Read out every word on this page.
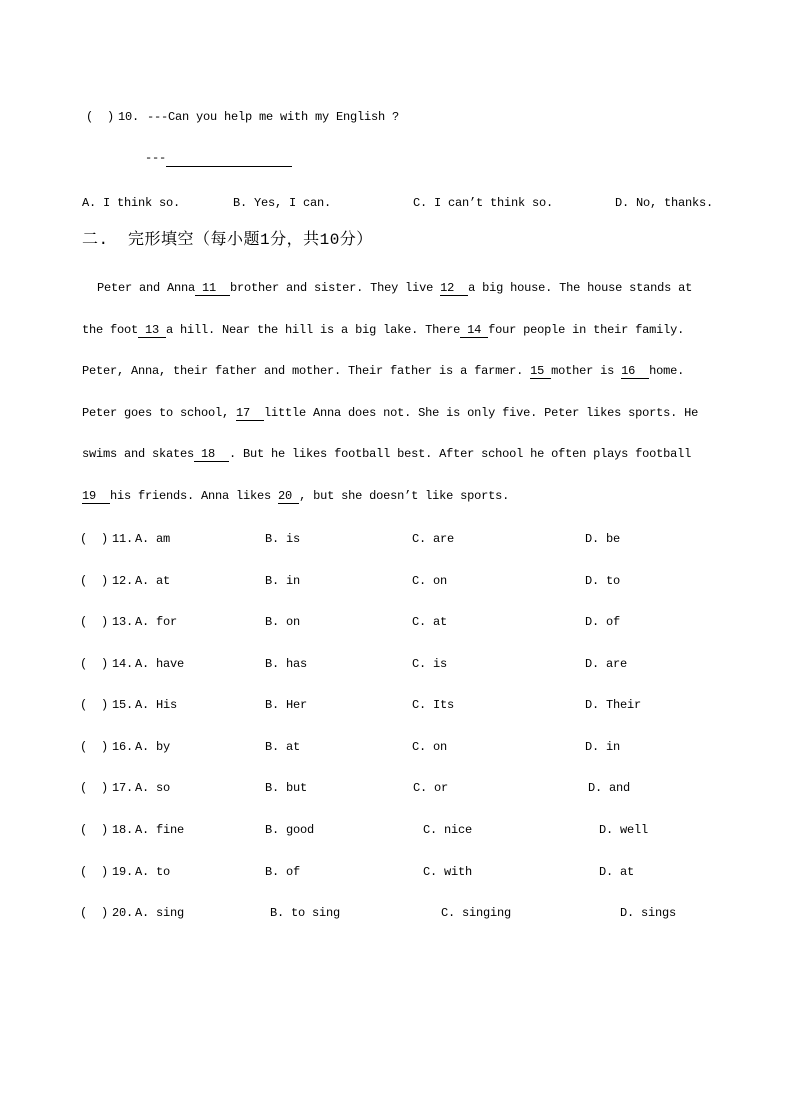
(  ) 10. ---Can you help me with my English ?
---
A. I think so.	B. Yes, I can.	C. I can’t think so.	D. No, thanks.
二. 完形填空（每小题1分，共10分）
Peter and Anna 11  brother and sister. They live 12  a big house. The house stands at
the foot 13 a hill. Near the hill is a big lake. There 14 four people in their family.
Peter, Anna, their father and mother. Their father is a farmer. 15 mother is 16  home.
Peter goes to school, 17  little Anna does not. She is only five. Peter likes sports. He
swims and skates 18  . But he likes football best. After school he often plays football
19  his friends. Anna likes 20 , but she doesn’t like sports.
(  ) 11. A. am	B. is	C. are	D. be
(  ) 12. A. at	B. in	C. on	D. to
(  ) 13. A. for	B. on	C. at	D. of
(  ) 14. A. have	B. has	C. is	D. are
(  ) 15. A. His	B. Her	C. Its	D. Their
(  ) 16. A. by	B. at	C. on	D. in
(  ) 17. A. so	B. but	C. or	D. and
(  ) 18. A. fine	B. good	C. nice	D. well
(  ) 19. A. to	B. of	C. with	D. at
(  ) 20. A. sing	B. to sing	C. singing	D. sings
